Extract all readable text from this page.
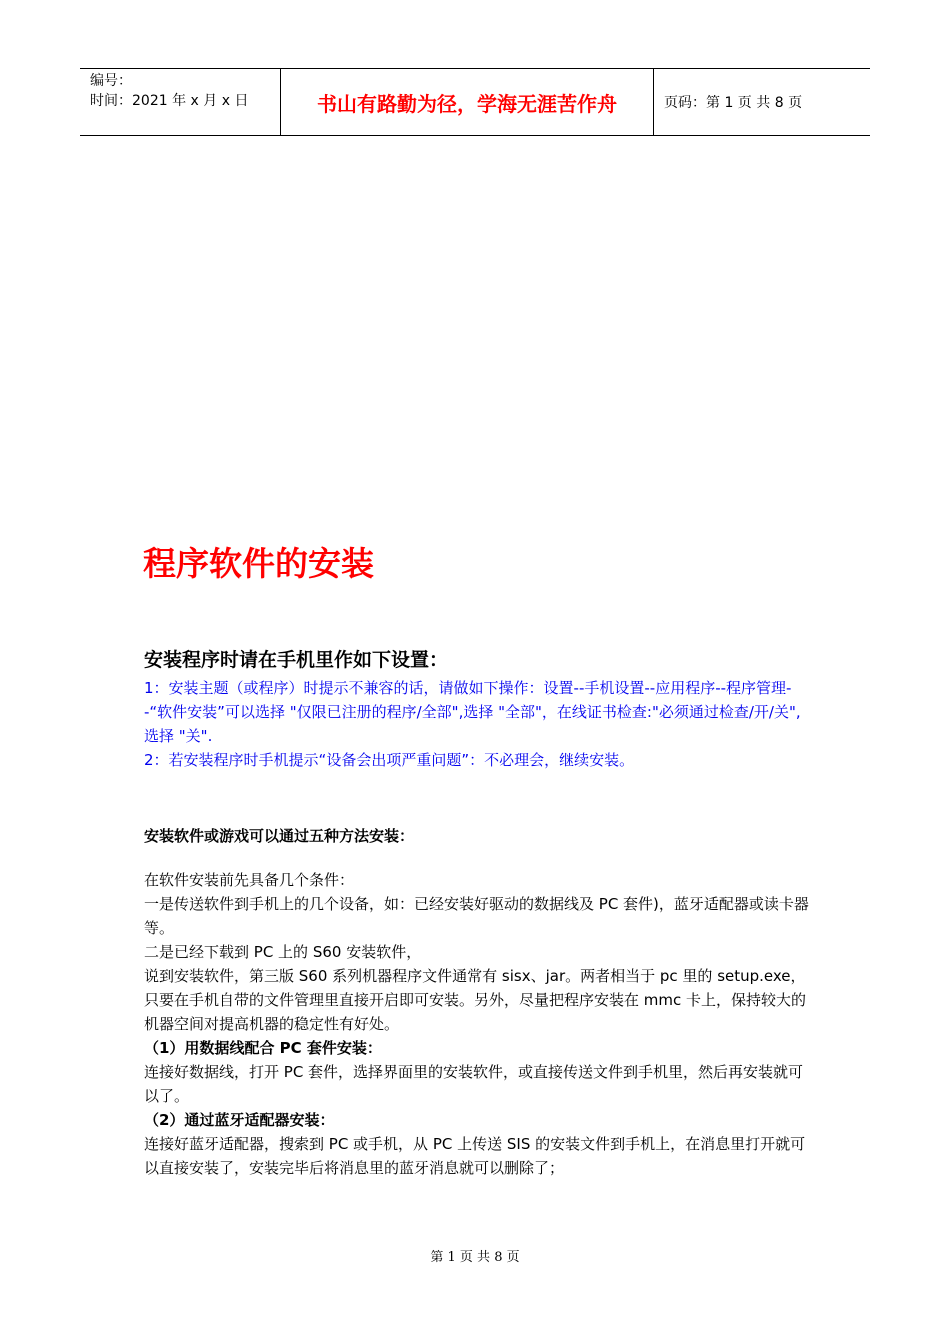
编号：
时间：2021 年 x 月 x 日	书山有路勤为径，学海无涯苦作舟	页码：第 1 页 共 8 页
程序软件的安装

安装程序时请在手机里作如下设置：

1：安装主题（或程序）时提示不兼容的话，请做如下操作：设置--手机设置--应用程序--程序管理--“软件安装”可以选择 "仅限已注册的程序/全部",选择 "全部"，在线证书检查:"必须通过检查/开/关",选择 "关".

2：若安装程序时手机提示“设备会出项严重问题”：不必理会，继续安装。

安装软件或游戏可以通过五种方法安装：

在软件安装前先具备几个条件：

一是传送软件到手机上的几个设备，如：已经安装好驱动的数据线及 PC 套件)，蓝牙适配器或读卡器等。

二是已经下载到 PC 上的 S60 安装软件，

说到安装软件，第三版 S60 系列机器程序文件通常有 sisx、jar。两者相当于 pc 里的 setup.exe，只要在手机自带的文件管理里直接开启即可安装。另外，尽量把程序安装在 mmc 卡上，保持较大的机器空间对提高机器的稳定性有好处。

（1）用数据线配合 PC 套件安装：

连接好数据线，打开 PC 套件，选择界面里的安装软件，或直接传送文件到手机里，然后再安装就可以了。

（2）通过蓝牙适配器安装：

连接好蓝牙适配器，搜索到 PC 或手机，从 PC 上传送 SIS 的安装文件到手机上，在消息里打开就可以直接安装了，安装完毕后将消息里的蓝牙消息就可以删除了；

第 1 页 共 8 页
